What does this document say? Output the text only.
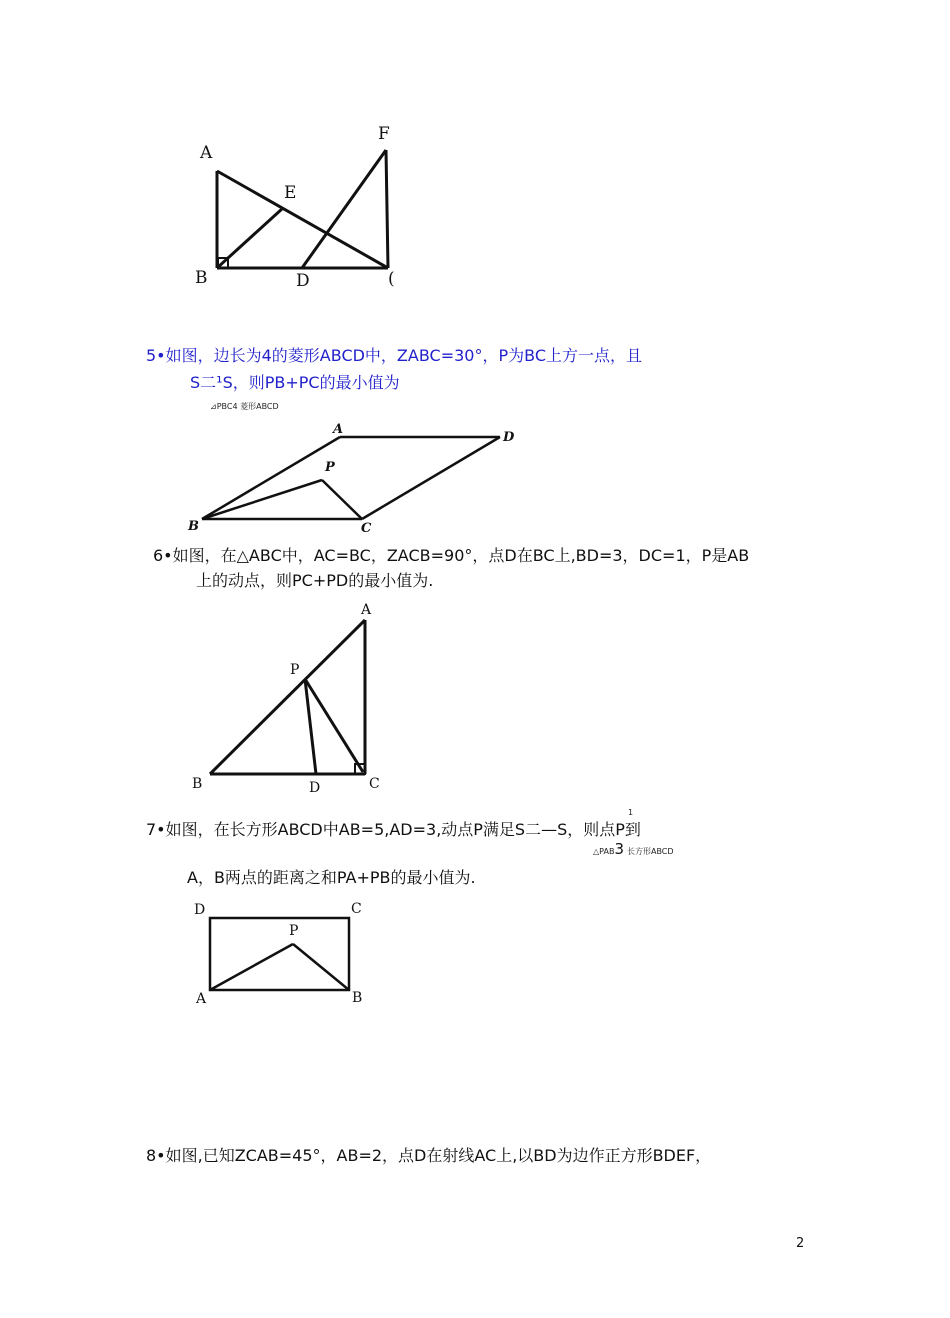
A
E
F
B	D	(
5•如图，边长为4的菱形ABCD中，ZABC=30°，P为BC上方一点，且
S二¹S，则PB+PC的最小值为
⊿PBC4 菱形ABCD
A
D
P
B	C
6•如图，在△ABC中，AC=BC，ZACB=90°，点D在BC上,BD=3，DC=1，P是AB
上的动点，则PC+PD的最小值为.
A
P
B	D	C
1
7•如图，在长方形ABCD中AB=5,AD=3,动点P满足S二—S，则点P到
△PAB3 长方形ABCD
A，B两点的距离之和PA+PB的最小值为.
D	C
P
A	B
8•如图,已知ZCAB=45°，AB=2，点D在射线AC上,以BD为边作正方形BDEF，
2
